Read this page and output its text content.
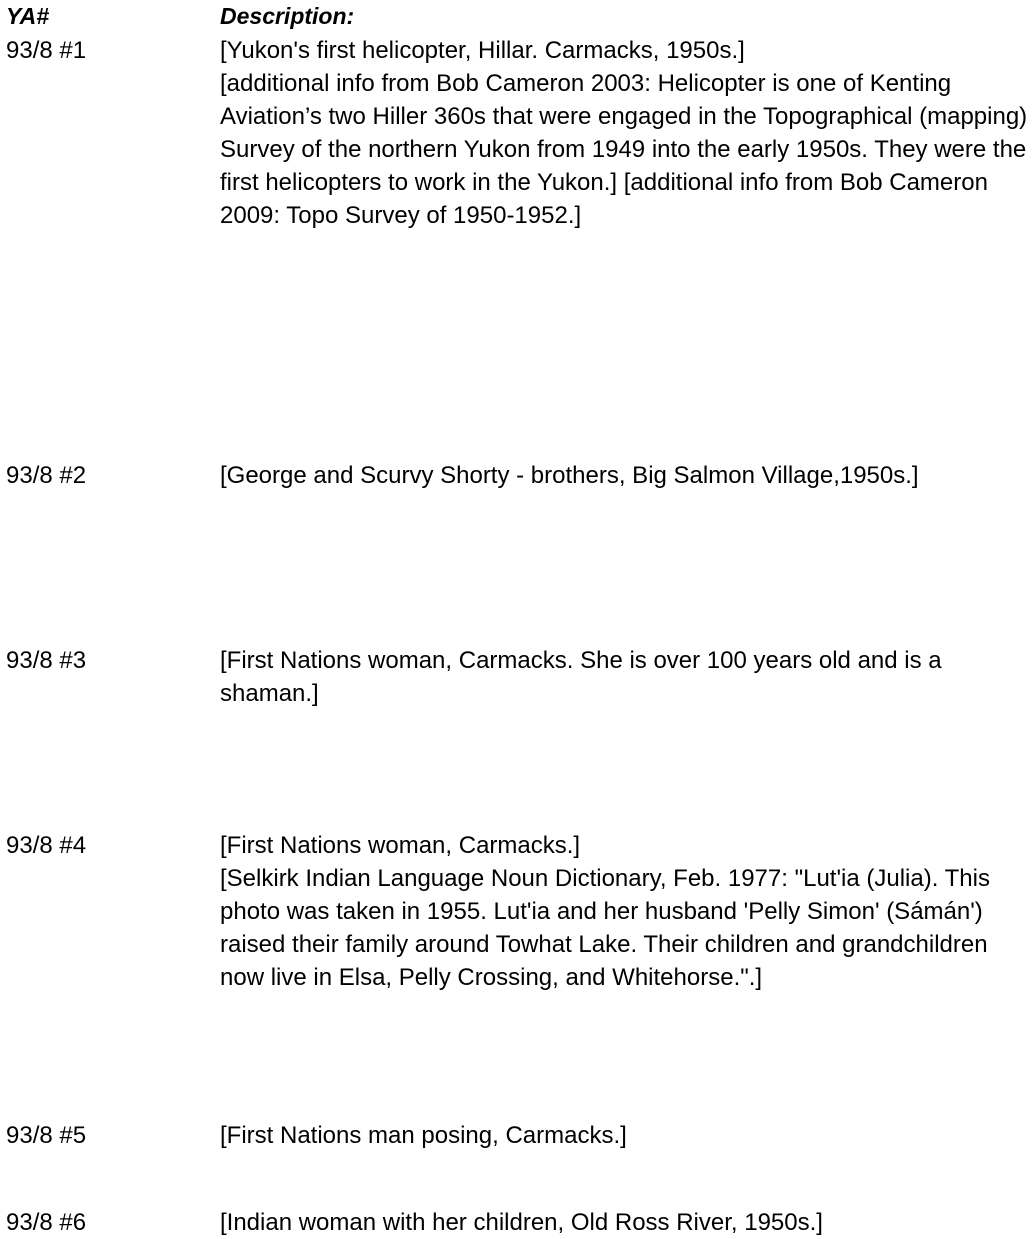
YA#	Description:
93/8 #1	[Yukon's first helicopter, Hillar. Carmacks, 1950s.]

[additional info from Bob Cameron 2003: Helicopter is one of Kenting Aviation’s two Hiller 360s that were engaged in the Topographical (mapping) Survey of the northern Yukon from 1949 into the early 1950s. They were the first helicopters to work in the Yukon.] [additional info from Bob Cameron 2009: Topo Survey of 1950-1952.]

93/8 #2	[George and Scurvy Shorty - brothers, Big Salmon Village,1950s.]

93/8 #3	[First Nations woman, Carmacks. She is over 100 years old and is a shaman.]

93/8 #4	[First Nations woman, Carmacks.]

[Selkirk Indian Language Noun Dictionary, Feb. 1977: "Lut'ia (Julia). This photo was taken in 1955. Lut'ia and her husband 'Pelly Simon' (Sámán') raised their family around Towhat Lake. Their children and grandchildren now live in Elsa, Pelly Crossing, and Whitehorse.".]

93/8 #5	[First Nations man posing, Carmacks.]

93/8 #6	[Indian woman with her children, Old Ross River, 1950s.]
